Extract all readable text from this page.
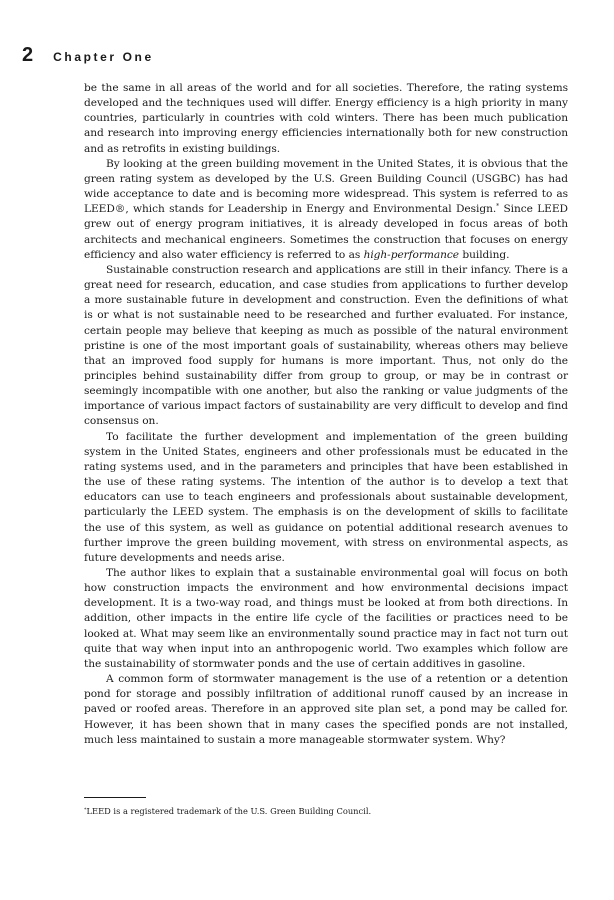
2 Chapter One

be the same in all areas of the world and for all societies. Therefore, the rating systems developed and the techniques used will differ. Energy efficiency is a high priority in many countries, particularly in countries with cold winters. There has been much publication and research into improving energy efficiencies internationally both for new construction and as retrofits in existing buildings.

By looking at the green building movement in the United States, it is obvious that the green rating system as developed by the U.S. Green Building Council (USGBC) has had wide acceptance to date and is becoming more widespread. This system is referred to as LEED®, which stands for Leadership in Energy and Environmental Design.* Since LEED grew out of energy program initiatives, it is already developed in focus areas of both architects and mechanical engineers. Sometimes the construction that focuses on energy efficiency and also water efficiency is referred to as high-performance building.

Sustainable construction research and applications are still in their infancy. There is a great need for research, education, and case studies from applications to further develop a more sustainable future in development and construction. Even the definitions of what is or what is not sustainable need to be researched and further evaluated. For instance, certain people may believe that keeping as much as possible of the natural environment pristine is one of the most important goals of sustainability, whereas others may believe that an improved food supply for humans is more important. Thus, not only do the principles behind sustainability differ from group to group, or may be in contrast or seemingly incompatible with one another, but also the ranking or value judgments of the importance of various impact factors of sustainability are very difficult to develop and find consensus on.

To facilitate the further development and implementation of the green building system in the United States, engineers and other professionals must be educated in the rating systems used, and in the parameters and principles that have been established in the use of these rating systems. The intention of the author is to develop a text that educators can use to teach engineers and professionals about sustainable development, particularly the LEED system. The emphasis is on the development of skills to facilitate the use of this system, as well as guidance on potential additional research avenues to further improve the green building movement, with stress on environmental aspects, as future developments and needs arise.

The author likes to explain that a sustainable environmental goal will focus on both how construction impacts the environment and how environmental decisions impact development. It is a two-way road, and things must be looked at from both directions. In addition, other impacts in the entire life cycle of the facilities or practices need to be looked at. What may seem like an environmentally sound practice may in fact not turn out quite that way when input into an anthropogenic world. Two examples which follow are the sustainability of stormwater ponds and the use of certain additives in gasoline.

A common form of stormwater management is the use of a retention or a detention pond for storage and possibly infiltration of additional runoff caused by an increase in paved or roofed areas. Therefore in an approved site plan set, a pond may be called for. However, it has been shown that in many cases the specified ponds are not installed, much less maintained to sustain a more manageable stormwater system. Why?

*LEED is a registered trademark of the U.S. Green Building Council.
